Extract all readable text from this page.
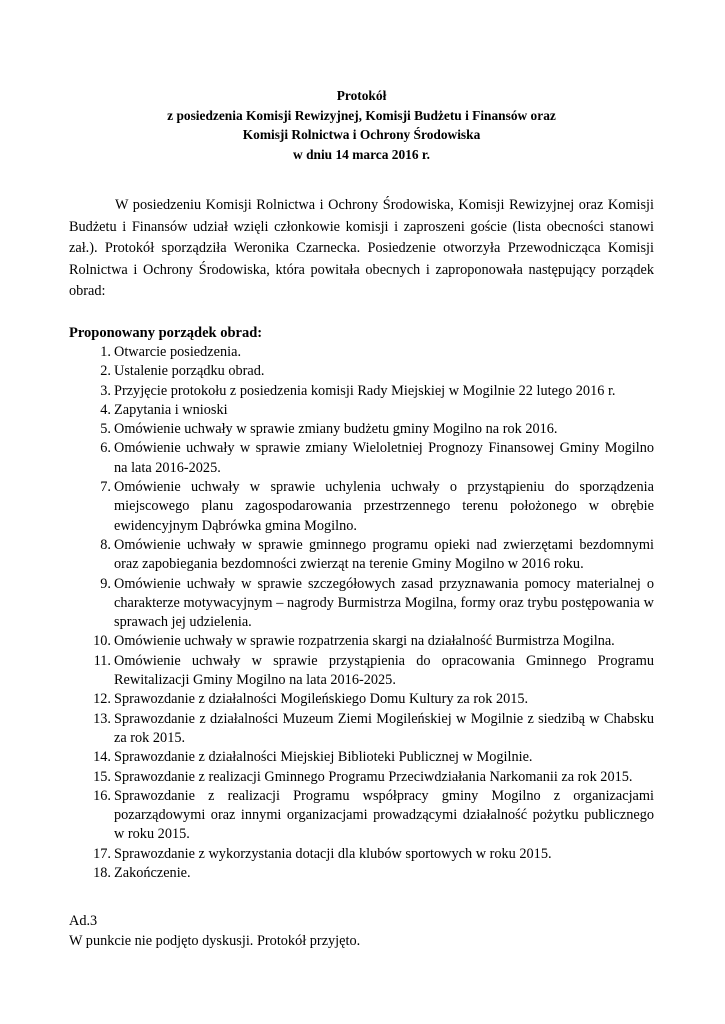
Protokół

z posiedzenia Komisji Rewizyjnej, Komisji Budżetu i Finansów oraz

Komisji Rolnictwa i Ochrony Środowiska

w dniu 14 marca 2016 r.

W posiedzeniu Komisji Rolnictwa i Ochrony Środowiska, Komisji Rewizyjnej oraz Komisji Budżetu i Finansów udział wzięli członkowie komisji i zaproszeni goście (lista obecności stanowi zał.). Protokół sporządziła Weronika Czarnecka. Posiedzenie otworzyła Przewodnicząca Komisji Rolnictwa i Ochrony Środowiska, która powitała obecnych i zaproponowała następujący porządek obrad:

Proponowany porządek obrad:

1. Otwarcie posiedzenia.
2. Ustalenie porządku obrad.
3. Przyjęcie protokołu z posiedzenia komisji Rady Miejskiej w Mogilnie 22 lutego 2016 r.
4. Zapytania i wnioski
5. Omówienie uchwały w sprawie zmiany budżetu gminy Mogilno na rok 2016.
6. Omówienie uchwały w sprawie zmiany Wieloletniej Prognozy Finansowej Gminy Mogilno na lata 2016-2025.
7. Omówienie uchwały w sprawie uchylenia uchwały o przystąpieniu do sporządzenia miejscowego planu zagospodarowania przestrzennego terenu położonego w obrębie ewidencyjnym Dąbrówka gmina Mogilno.
8. Omówienie uchwały w sprawie gminnego programu opieki nad zwierzętami bezdomnymi oraz zapobiegania bezdomności zwierząt na terenie Gminy Mogilno w 2016 roku.
9. Omówienie uchwały w sprawie szczegółowych zasad przyznawania pomocy materialnej o charakterze motywacyjnym – nagrody Burmistrza Mogilna, formy oraz trybu postępowania w sprawach jej udzielenia.
10. Omówienie uchwały w sprawie rozpatrzenia skargi na działalność Burmistrza Mogilna.
11. Omówienie uchwały w sprawie przystąpienia do opracowania Gminnego Programu Rewitalizacji Gminy Mogilno na lata 2016-2025.
12. Sprawozdanie z działalności Mogileńskiego Domu Kultury za rok 2015.
13. Sprawozdanie z działalności Muzeum Ziemi Mogileńskiej w Mogilnie z siedzibą w Chabsku za rok 2015.
14. Sprawozdanie z działalności Miejskiej Biblioteki Publicznej w Mogilnie.
15. Sprawozdanie z realizacji Gminnego Programu Przeciwdziałania Narkomanii za rok 2015.
16. Sprawozdanie z realizacji Programu współpracy gminy Mogilno z organizacjami pozarządowymi oraz innymi organizacjami prowadzącymi działalność pożytku publicznego w roku 2015.
17. Sprawozdanie z wykorzystania dotacji dla klubów sportowych w roku 2015.
18. Zakończenie.
Ad.3
W punkcie nie podjęto dyskusji. Protokół przyjęto.
